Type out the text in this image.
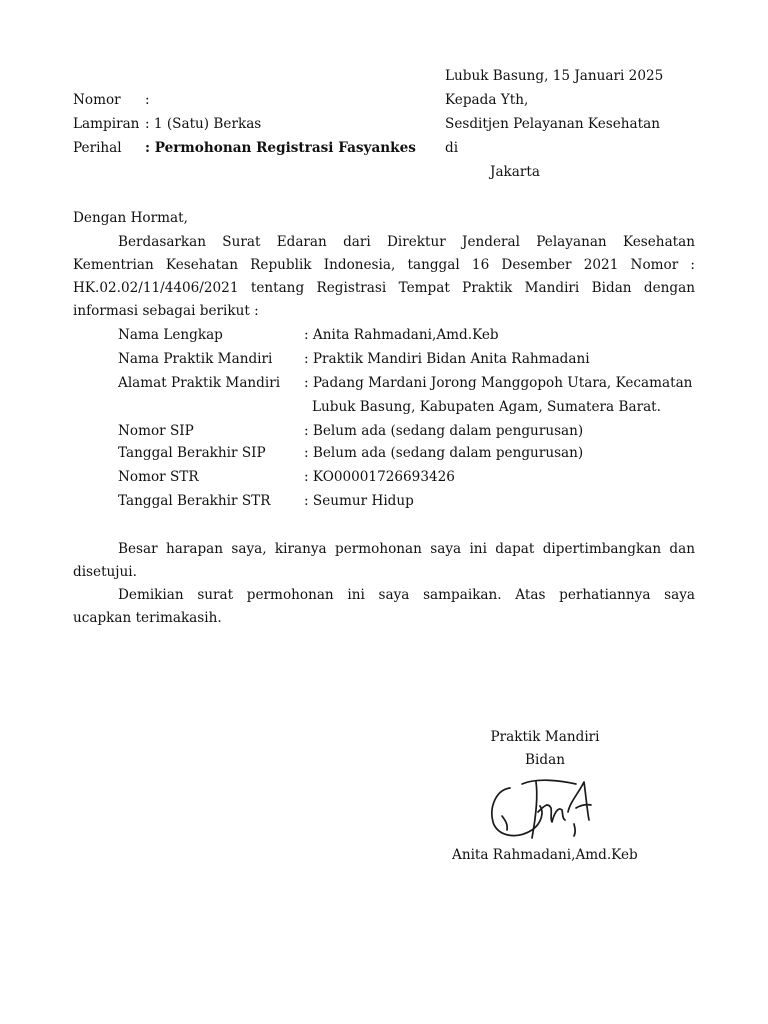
Lubuk Basung, 15 Januari 2025
Kepada Yth,
Sesditjen Pelayanan Kesehatan
di
Jakarta
Nomor :
Lampiran : 1 (Satu) Berkas
Perihal : Permohonan Registrasi Fasyankes
Dengan Hormat,
Berdasarkan Surat Edaran dari Direktur Jenderal Pelayanan Kesehatan
Kementrian Kesehatan Republik Indonesia, tanggal 16 Desember 2021 Nomor :
HK.02.02/11/4406/2021 tentang Registrasi Tempat Praktik Mandiri Bidan dengan
informasi sebagai berikut :
Nama Lengkap	: Anita Rahmadani,Amd.Keb
Nama Praktik Mandiri : Praktik Mandiri Bidan Anita Rahmadani
Alamat Praktik Mandiri : Padang Mardani Jorong Manggopoh Utara, Kecamatan
Lubuk Basung, Kabupaten Agam, Sumatera Barat.
Nomor SIP	: Belum ada (sedang dalam pengurusan)
Tanggal Berakhir SIP	: Belum ada (sedang dalam pengurusan)
Nomor STR	: KO00001726693426
Tanggal Berakhir STR : Seumur Hidup
Besar harapan saya, kiranya permohonan saya ini dapat dipertimbangkan dan
disetujui.
Demikian surat permohonan ini saya sampaikan. Atas perhatiannya saya
ucapkan terimakasih.
Praktik Mandiri
Bidan
Anita Rahmadani,Amd.Keb
